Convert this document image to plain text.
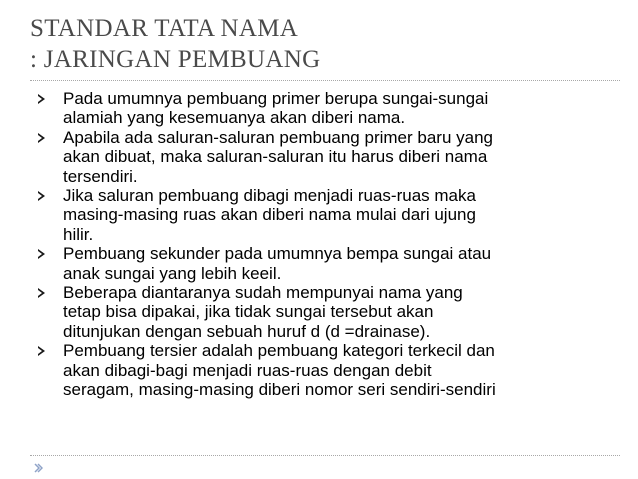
STANDAR TATA NAMA
: JARINGAN PEMBUANG
Pada umumnya pembuang primer berupa sungai-sungai
alamiah yang kesemuanya akan diberi nama.
Apabila ada saluran-saluran pembuang primer baru yang
akan dibuat, maka saluran-saluran itu harus diberi nama
tersendiri.
Jika saluran pembuang dibagi menjadi ruas-ruas maka
masing-masing ruas akan diberi nama mulai dari ujung
hilir.
Pembuang sekunder pada umumnya bempa sungai atau
anak sungai yang lebih keeil.
Beberapa diantaranya sudah mempunyai nama yang
tetap bisa dipakai, jika tidak sungai tersebut akan
ditunjukan dengan sebuah huruf d (d =drainase).
Pembuang tersier adalah pembuang kategori terkecil dan
akan dibagi-bagi menjadi ruas-ruas dengan debit
seragam, masing-masing diberi nomor seri sendiri-sendiri
